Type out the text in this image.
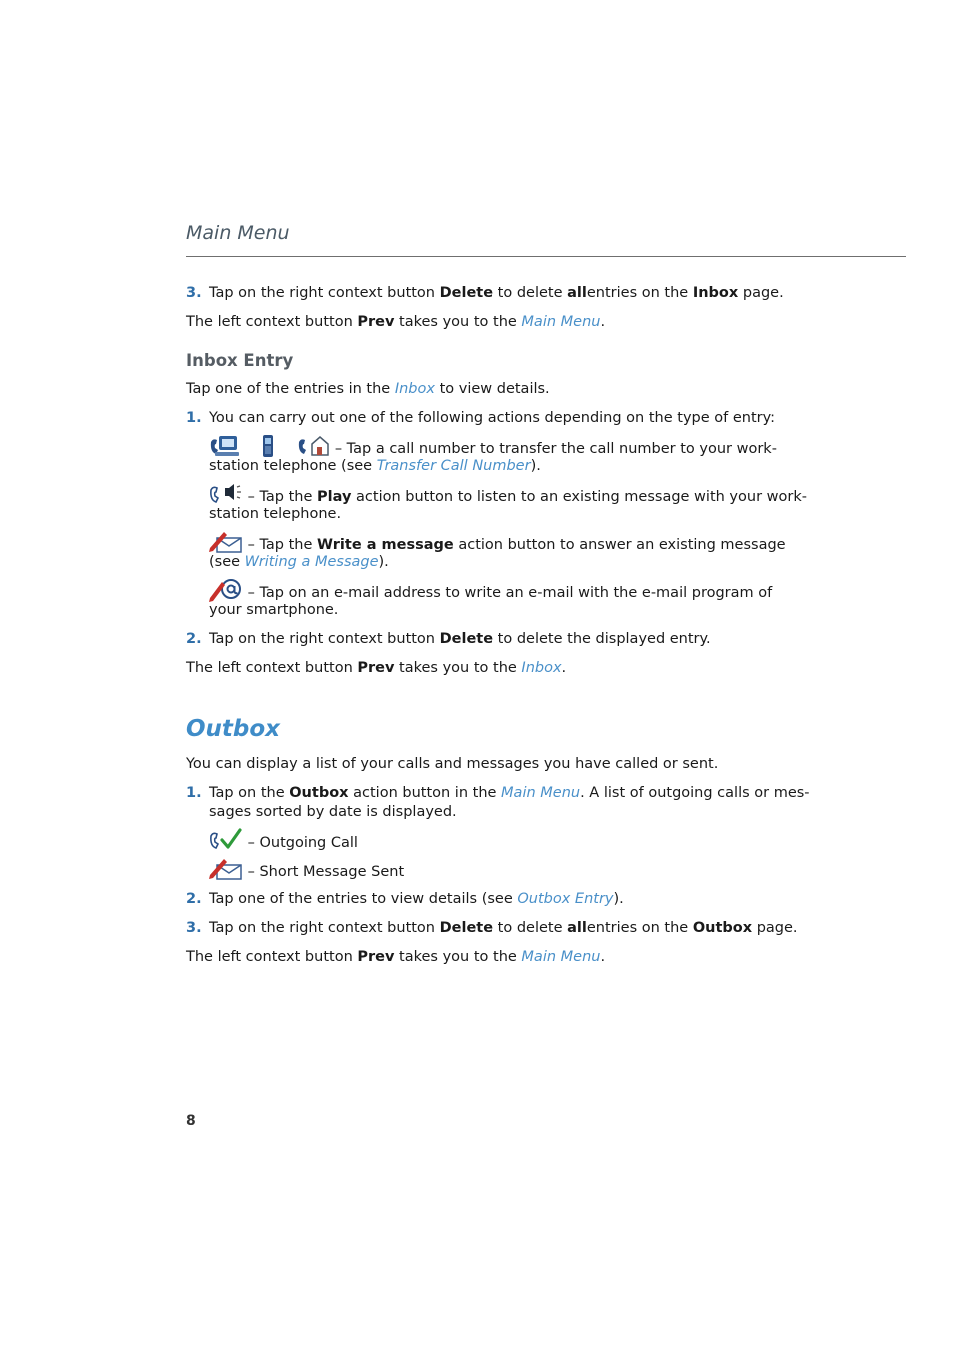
Main Menu
3. Tap on the right context button Delete to delete allentries on the Inbox page.
The left context button Prev takes you to the Main Menu.
Inbox Entry
Tap one of the entries in the Inbox to view details.
1. You can carry out one of the following actions depending on the type of entry:
– Tap a call number to transfer the call number to your work-
station telephone (see Transfer Call Number).
– Tap the Play action button to listen to an existing message with your work-
station telephone.
– Tap the Write a message action button to answer an existing message
(see Writing a Message).
– Tap on an e-mail address to write an e-mail with the e-mail program of
your smartphone.
2. Tap on the right context button Delete to delete the displayed entry.
The left context button Prev takes you to the Inbox.
Outbox
You can display a list of your calls and messages you have called or sent.
1. Tap on the Outbox action button in the Main Menu. A list of outgoing calls or mes-
sages sorted by date is displayed.
– Outgoing Call
– Short Message Sent
2. Tap one of the entries to view details (see Outbox Entry).
3. Tap on the right context button Delete to delete allentries on the Outbox page.
The left context button Prev takes you to the Main Menu.
8
